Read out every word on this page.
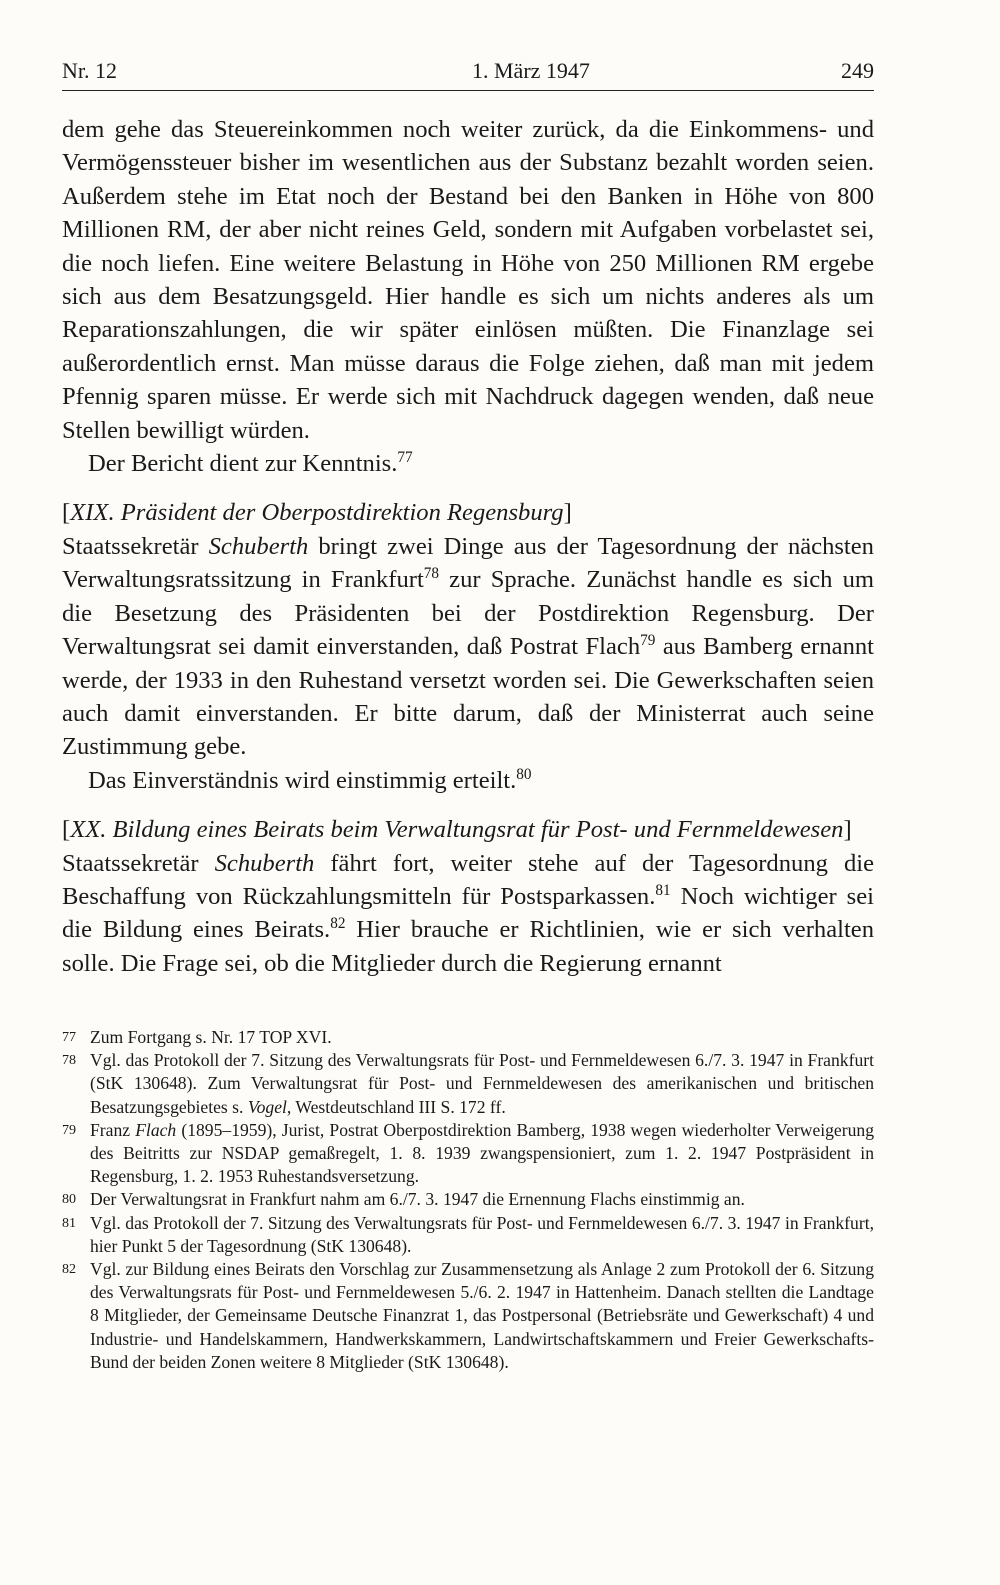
Nr. 12	1. März 1947	249

dem gehe das Steuereinkommen noch weiter zurück, da die Einkommens- und Vermögenssteuer bisher im wesentlichen aus der Substanz bezahlt worden seien. Außerdem stehe im Etat noch der Bestand bei den Banken in Höhe von 800 Millionen RM, der aber nicht reines Geld, sondern mit Aufgaben vorbelastet sei, die noch liefen. Eine weitere Belastung in Höhe von 250 Millionen RM ergebe sich aus dem Besatzungsgeld. Hier handle es sich um nichts anderes als um Reparationszahlungen, die wir später einlösen müßten. Die Finanzlage sei außerordentlich ernst. Man müsse daraus die Folge ziehen, daß man mit jedem Pfennig sparen müsse. Er werde sich mit Nachdruck dagegen wenden, daß neue Stellen bewilligt würden.

Der Bericht dient zur Kenntnis.$^{77}$

[XIX. Präsident der Oberpostdirektion Regensburg]

Staatssekretär Schuberth bringt zwei Dinge aus der Tagesordnung der nächsten Verwaltungsratssitzung in Frankfurt$^{78}$ zur Sprache. Zunächst handle es sich um die Besetzung des Präsidenten bei der Postdirektion Regensburg. Der Verwaltungsrat sei damit einverstanden, daß Postrat Flach$^{79}$ aus Bamberg ernannt werde, der 1933 in den Ruhestand versetzt worden sei. Die Gewerkschaften seien auch damit einverstanden. Er bitte darum, daß der Ministerrat auch seine Zustimmung gebe.

Das Einverständnis wird einstimmig erteilt.$^{80}$

[XX. Bildung eines Beirats beim Verwaltungsrat für Post- und Fernmeldewesen]

Staatssekretär Schuberth fährt fort, weiter stehe auf der Tagesordnung die Beschaffung von Rückzahlungsmitteln für Postsparkassen.$^{81}$ Noch wichtiger sei die Bildung eines Beirats.$^{82}$ Hier brauche er Richtlinien, wie er sich verhalten solle. Die Frage sei, ob die Mitglieder durch die Regierung ernannt

77 Zum Fortgang s. Nr. 17 TOP XVI.

78 Vgl. das Protokoll der 7. Sitzung des Verwaltungsrats für Post- und Fernmeldewesen 6./7. 3. 1947 in Frankfurt (StK 130648). Zum Verwaltungsrat für Post- und Fernmeldewesen des amerikanischen und britischen Besatzungsgebietes s. Vogel, Westdeutschland III S. 172 ff.

79 Franz Flach (1895–1959), Jurist, Postrat Oberpostdirektion Bamberg, 1938 wegen wiederholter Verweigerung des Beitritts zur NSDAP gemaßregelt, 1. 8. 1939 zwangspensioniert, zum 1. 2. 1947 Postpräsident in Regensburg, 1. 2. 1953 Ruhestandsversetzung.

80 Der Verwaltungsrat in Frankfurt nahm am 6./7. 3. 1947 die Ernennung Flachs einstimmig an.

81 Vgl. das Protokoll der 7. Sitzung des Verwaltungsrats für Post- und Fernmeldewesen 6./7. 3. 1947 in Frankfurt, hier Punkt 5 der Tagesordnung (StK 130648).

82 Vgl. zur Bildung eines Beirats den Vorschlag zur Zusammensetzung als Anlage 2 zum Protokoll der 6. Sitzung des Verwaltungsrats für Post- und Fernmeldewesen 5./6. 2. 1947 in Hattenheim. Danach stellten die Landtage 8 Mitglieder, der Gemeinsame Deutsche Finanzrat 1, das Postpersonal (Betriebsräte und Gewerkschaft) 4 und Industrie- und Handelskammern, Handwerkskammern, Landwirtschaftskammern und Freier Gewerkschafts-Bund der beiden Zonen weitere 8 Mitglieder (StK 130648).
